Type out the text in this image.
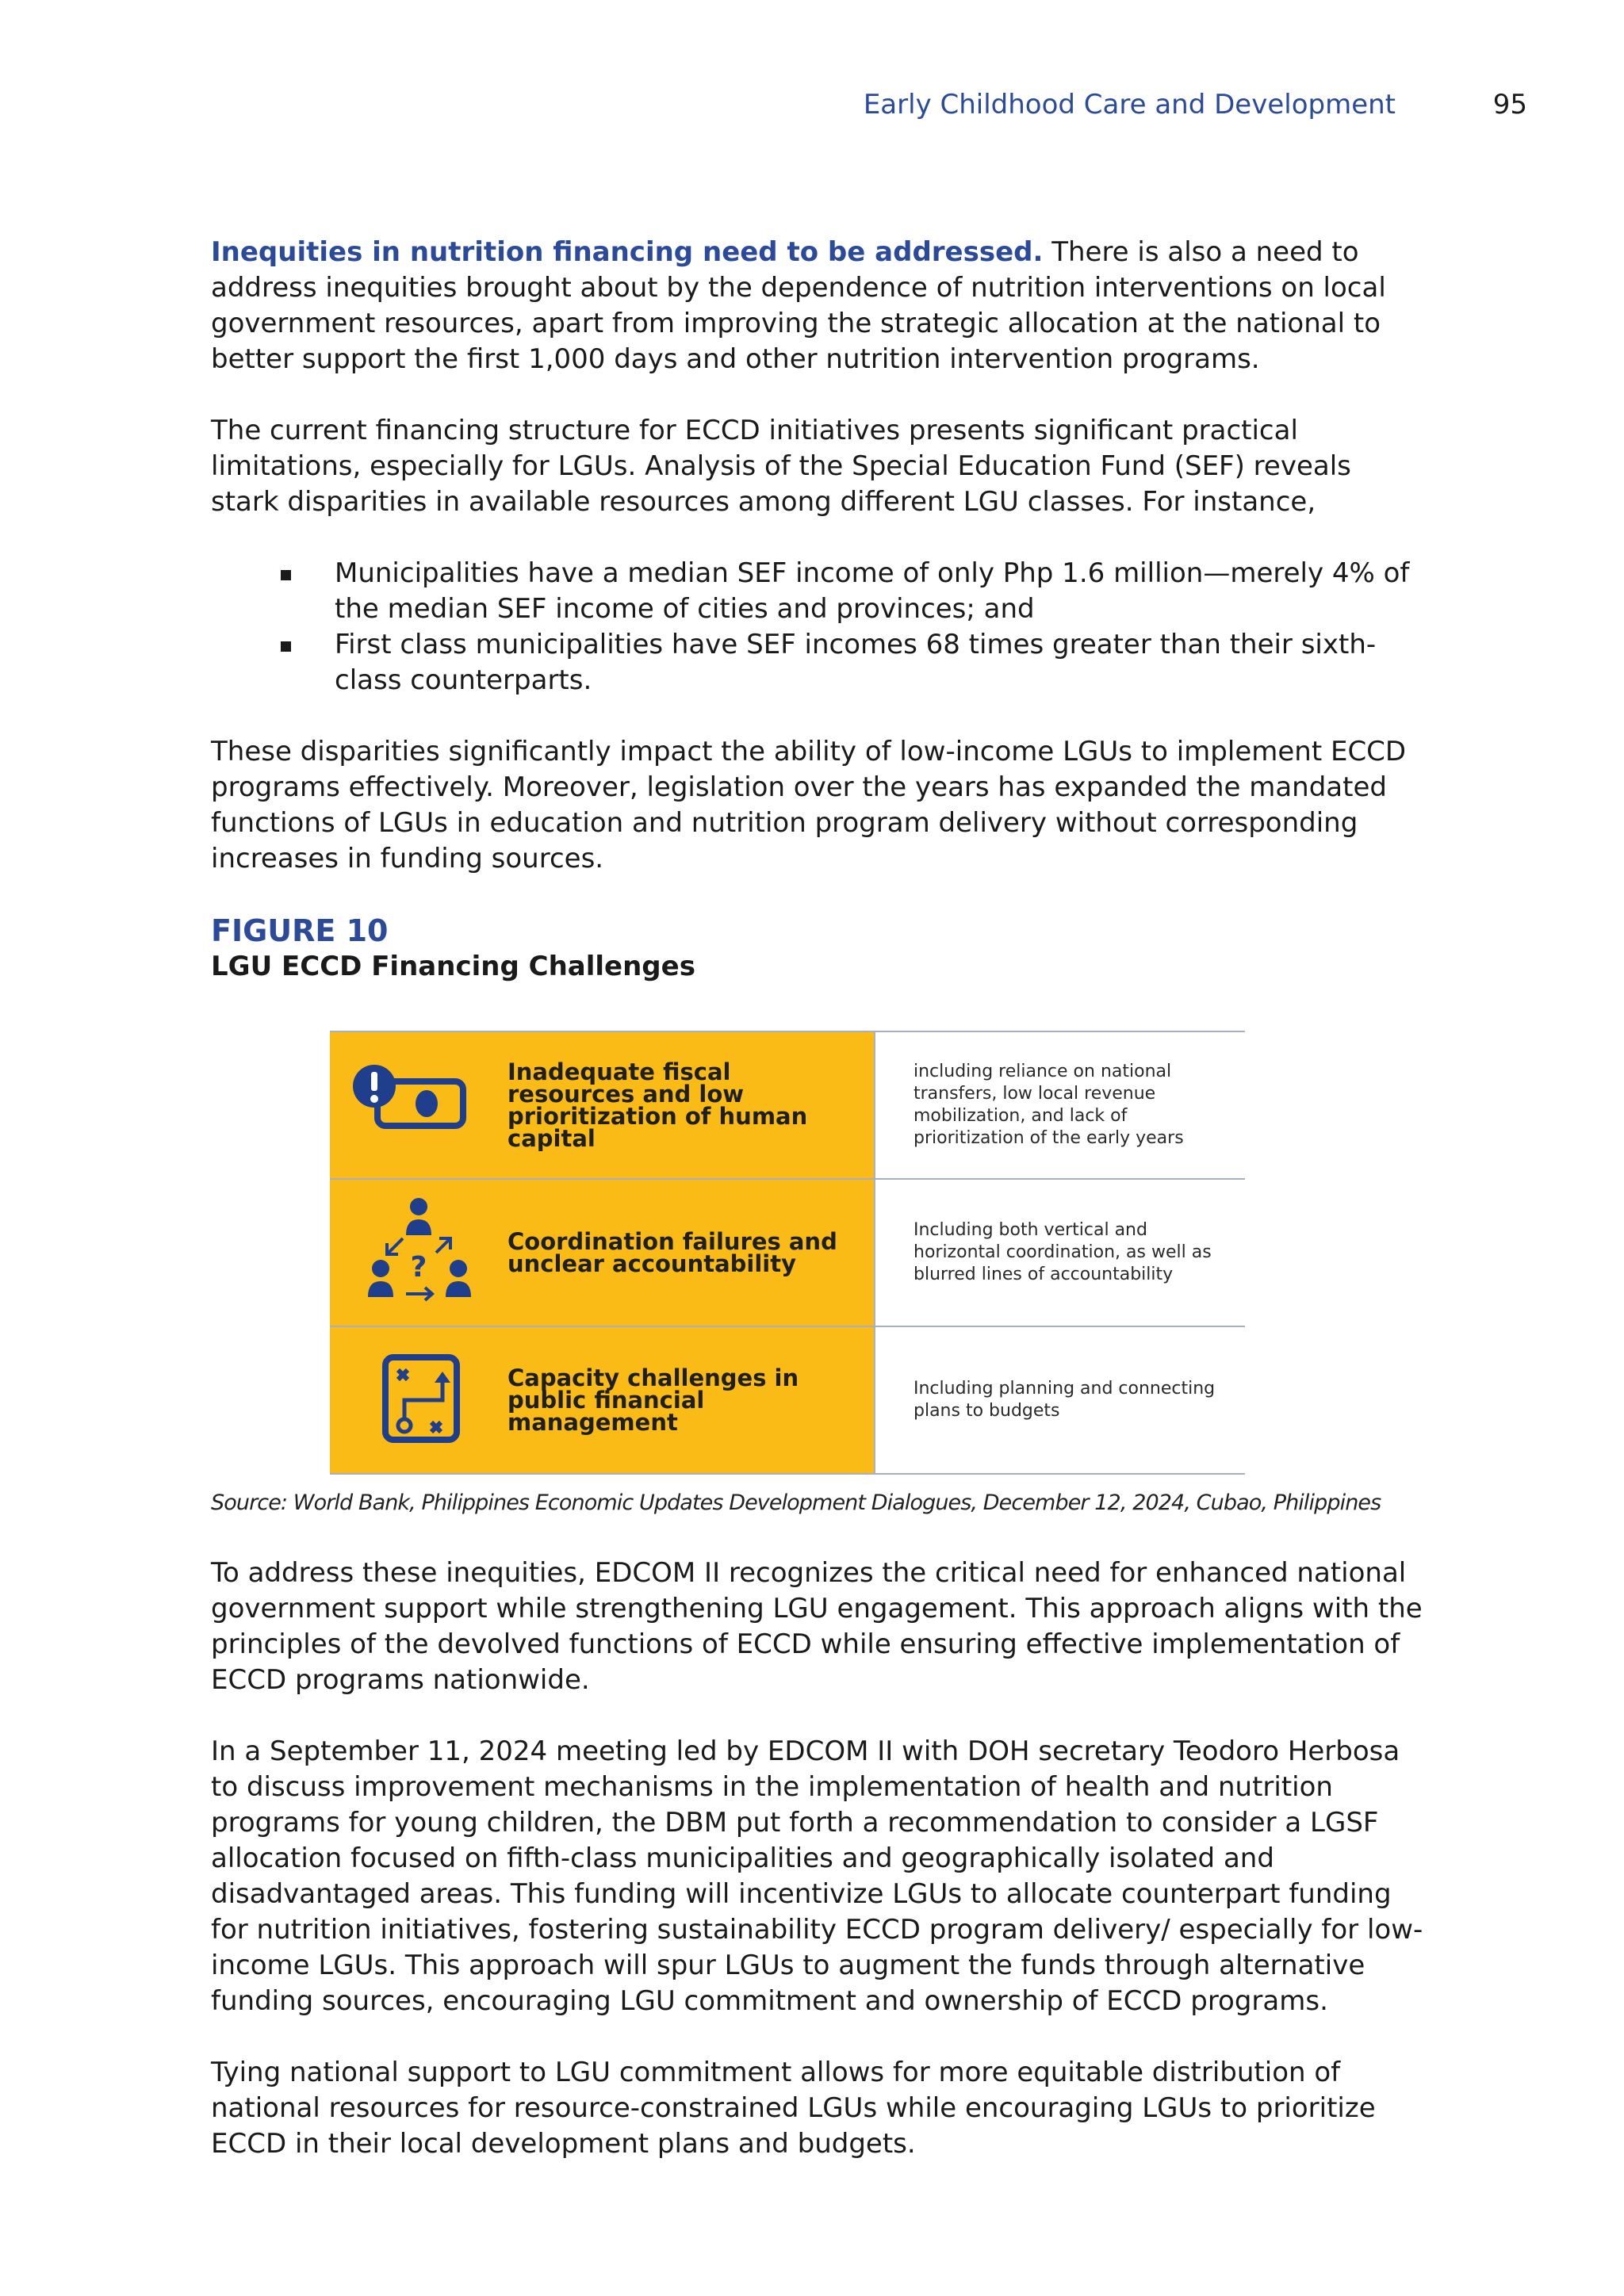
Early Childhood Care and Development	95

Inequities in nutrition financing need to be addressed. There is also a need to address inequities brought about by the dependence of nutrition interventions on local government resources, apart from improving the strategic allocation at the national to better support the first 1,000 days and other nutrition intervention programs.

The current financing structure for ECCD initiatives presents significant practical limitations, especially for LGUs. Analysis of the Special Education Fund (SEF) reveals stark disparities in available resources among different LGU classes. For instance,

Municipalities have a median SEF income of only Php 1.6 million—merely 4% of the median SEF income of cities and provinces; and
First class municipalities have SEF incomes 68 times greater than their sixth-class counterparts.

These disparities significantly impact the ability of low-income LGUs to implement ECCD programs effectively. Moreover, legislation over the years has expanded the mandated functions of LGUs in education and nutrition program delivery without corresponding increases in funding sources.

FIGURE 10
LGU ECCD Financing Challenges
Inadequate fiscal resources and low prioritization of human capital
including reliance on national transfers, low local revenue mobilization, and lack of prioritization of the early years
?
Coordination failures and unclear accountability
Including both vertical and horizontal coordination, as well as blurred lines of accountability
Capacity challenges in public financial management
Including planning and connecting plans to budgets
Source: World Bank, Philippines Economic Updates Development Dialogues, December 12, 2024, Cubao, Philippines

To address these inequities, EDCOM II recognizes the critical need for enhanced national government support while strengthening LGU engagement. This approach aligns with the principles of the devolved functions of ECCD while ensuring effective implementation of ECCD programs nationwide.

In a September 11, 2024 meeting led by EDCOM II with DOH secretary Teodoro Herbosa to discuss improvement mechanisms in the implementation of health and nutrition programs for young children, the DBM put forth a recommendation to consider a LGSF allocation focused on fifth-class municipalities and geographically isolated and disadvantaged areas. This funding will incentivize LGUs to allocate counterpart funding for nutrition initiatives, fostering sustainability ECCD program delivery/ especially for low-income LGUs. This approach will spur LGUs to augment the funds through alternative funding sources, encouraging LGU commitment and ownership of ECCD programs.

Tying national support to LGU commitment allows for more equitable distribution of national resources for resource-constrained LGUs while encouraging LGUs to prioritize ECCD in their local development plans and budgets.
